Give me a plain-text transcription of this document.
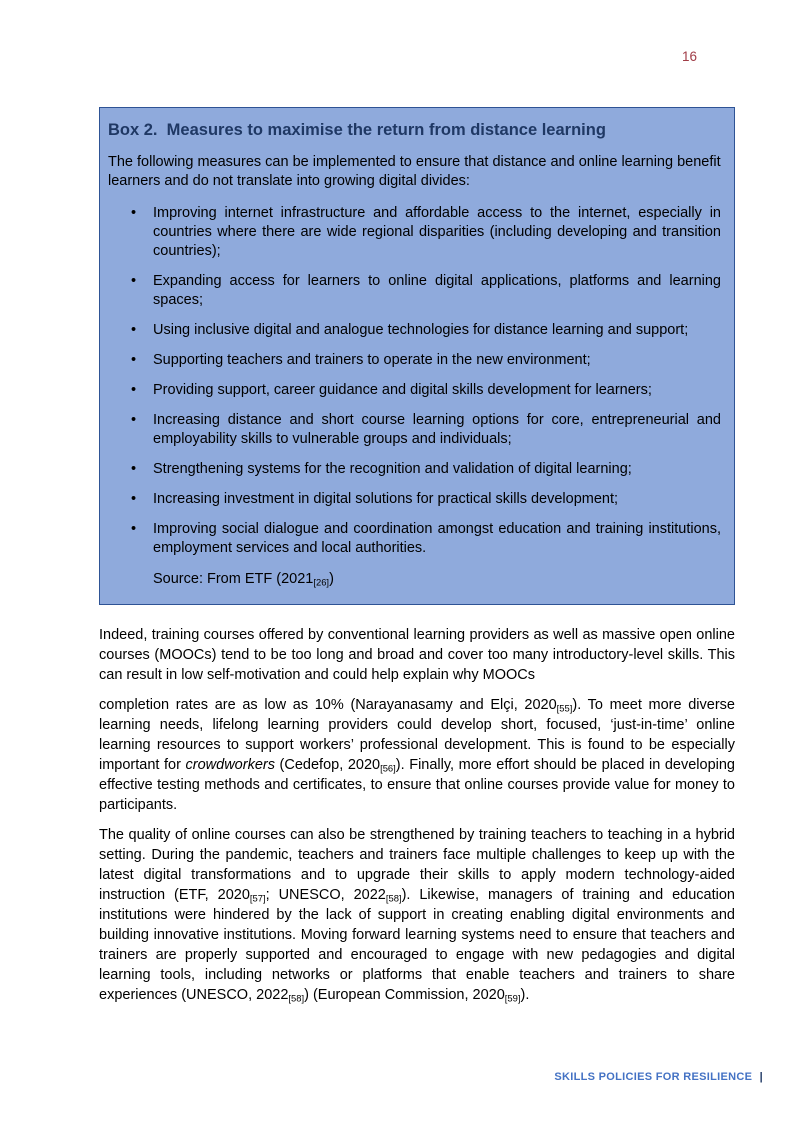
16
Box 2.  Measures to maximise the return from distance learning

The following measures can be implemented to ensure that distance and online learning benefit learners and do not translate into growing digital divides:

• Improving internet infrastructure and affordable access to the internet, especially in countries where there are wide regional disparities (including developing and transition countries);
• Expanding access for learners to online digital applications, platforms and learning spaces;
• Using inclusive digital and analogue technologies for distance learning and support;
• Supporting teachers and trainers to operate in the new environment;
• Providing support, career guidance and digital skills development for learners;
• Increasing distance and short course learning options for core, entrepreneurial and employability skills to vulnerable groups and individuals;
• Strengthening systems for the recognition and validation of digital learning;
• Increasing investment in digital solutions for practical skills development;
• Improving social dialogue and coordination amongst education and training institutions, employment services and local authorities.

Source: From ETF $(2021_{[26]})$

Indeed, training courses offered by conventional learning providers as well as massive open online courses (MOOCs) tend to be too long and broad and cover too many introductory-level skills. This can result in low self-motivation and could help explain why MOOCs

completion rates are as low as 10% (Narayanasamy and Elçi, $2020_{[55]}$). To meet more diverse learning needs, lifelong learning providers could develop short, focused, ‘just-in-time’ online learning resources to support workers’ professional development. This is found to be especially important for crowdworkers (Cedefop, $2020_{[56]}$). Finally, more effort should be placed in developing effective testing methods and certificates, to ensure that online courses provide value for money to participants.

The quality of online courses can also be strengthened by training teachers to teaching in a hybrid setting. During the pandemic, teachers and trainers face multiple challenges to keep up with the latest digital transformations and to upgrade their skills to apply modern technology-aided instruction (ETF, $2020_{[57]}$; UNESCO, $2022_{[58]}$). Likewise, managers of training and education institutions were hindered by the lack of support in creating enabling digital environments and building innovative institutions. Moving forward learning systems need to ensure that teachers and trainers are properly supported and encouraged to engage with new pedagogies and digital learning tools, including networks or platforms that enable teachers and trainers to share experiences (UNESCO, $2022_{[58]}$) (European Commission, $2020_{[59]}$).

SKILLS POLICIES FOR RESILIENCE |
